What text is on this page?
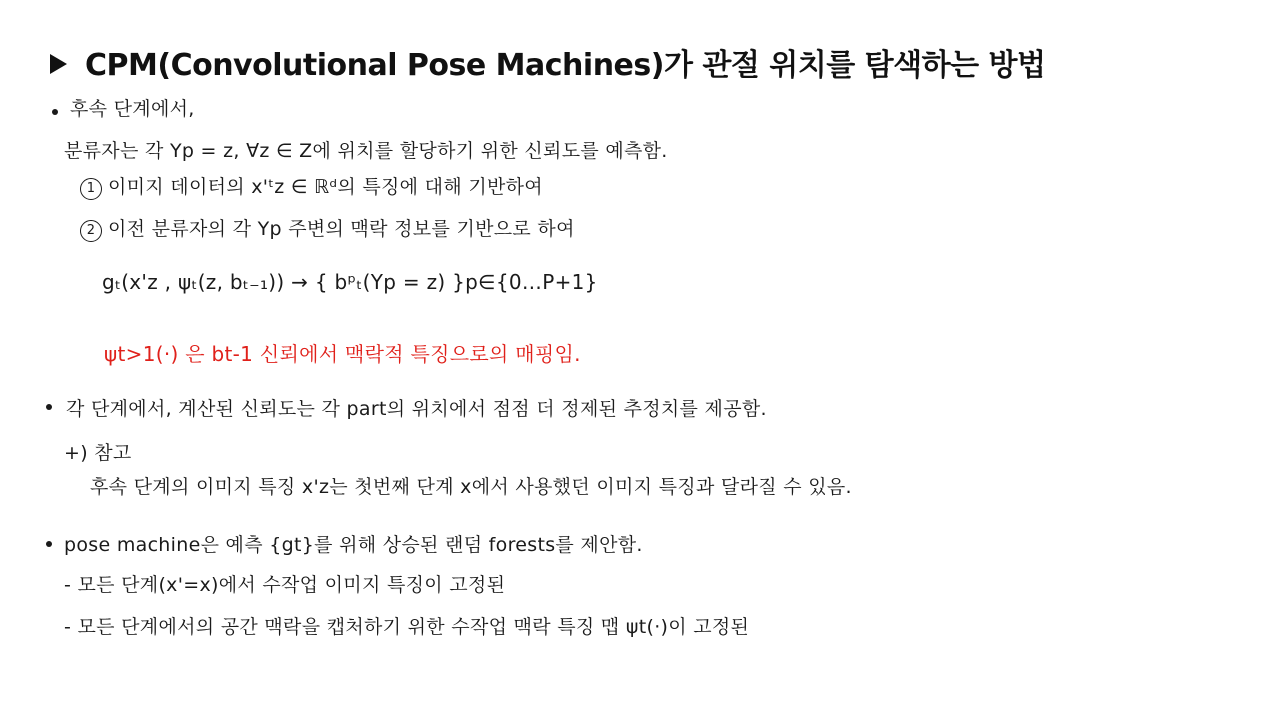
CPM(Convolutional Pose Machines)가 관절 위치를 탐색하는 방법
후속 단계에서,
분류자는 각 Yp = z, ∀z ∈ Z에 위치를 할당하기 위한 신뢰도를 예측함.
1 이미지 데이터의 x'ᵗz ∈ ℝᵈ의 특징에 대해 기반하여
2 이전 분류자의 각 Yp 주변의 맥락 정보를 기반으로 하여
gₜ(x'z , ψₜ(z, bₜ₋₁)) → { bᵖₜ(Yp = z) }p∈{0…P+1}
ψt>1(·) 은 bt-1 신뢰에서 맥락적 특징으로의 매핑임.
각 단계에서, 계산된 신뢰도는 각 part의 위치에서 점점 더 정제된 추정치를 제공함.
+) 참고
후속 단계의 이미지 특징 x'z는 첫번째 단계 x에서 사용했던 이미지 특징과 달라질 수 있음.
pose machine은 예측 {gt}를 위해 상승된 랜덤 forests를 제안함.
- 모든 단계(x'=x)에서 수작업 이미지 특징이 고정된
- 모든 단계에서의 공간 맥락을 캡처하기 위한 수작업 맥락 특징 맵 ψt(·)이 고정된
